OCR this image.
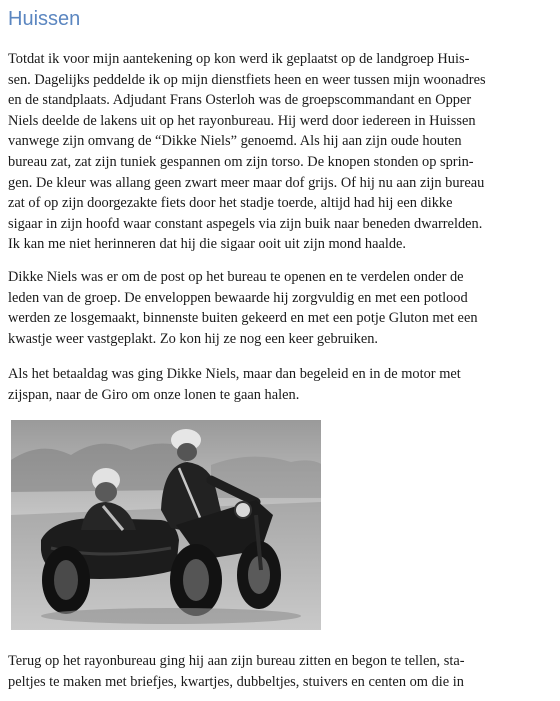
Huissen

Totdat ik voor mijn aantekening op kon werd ik geplaatst op de landgroep Huis-
sen. Dagelijks peddelde ik op mijn dienstfiets heen en weer tussen mijn woonadres
en de standplaats. Adjudant Frans Osterloh was de groepscommandant en Opper
Niels deelde de lakens uit op het rayonbureau. Hij werd door iedereen in Huissen
vanwege zijn omvang de “Dikke Niels” genoemd. Als hij aan zijn oude houten
bureau zat, zat zijn tuniek gespannen om zijn torso. De knopen stonden op sprin-
gen. De kleur was allang geen zwart meer maar dof grijs. Of hij nu aan zijn bureau
zat of op zijn doorgezakte fiets door het stadje toerde, altijd had hij een dikke
sigaar in zijn hoofd waar constant aspegels via zijn buik naar beneden dwarrelden.
Ik kan me niet herinneren dat hij die sigaar ooit uit zijn mond haalde.

Dikke Niels was er om de post op het bureau te openen en te verdelen onder de
leden van de groep. De enveloppen bewaarde hij zorgvuldig en met een potlood
werden ze losgemaakt, binnenste buiten gekeerd en met een potje Gluton met een
kwastje weer vastgeplakt. Zo kon hij ze nog een keer gebruiken.

Als het betaaldag was ging Dikke Niels, maar dan begeleid en in de motor met
zijspan, naar de Giro om onze lonen te gaan halen.

Terug op het rayonbureau ging hij aan zijn bureau zitten en begon te tellen, sta-
peltjes te maken met briefjes, kwartjes, dubbeltjes, stuivers en centen om die in
